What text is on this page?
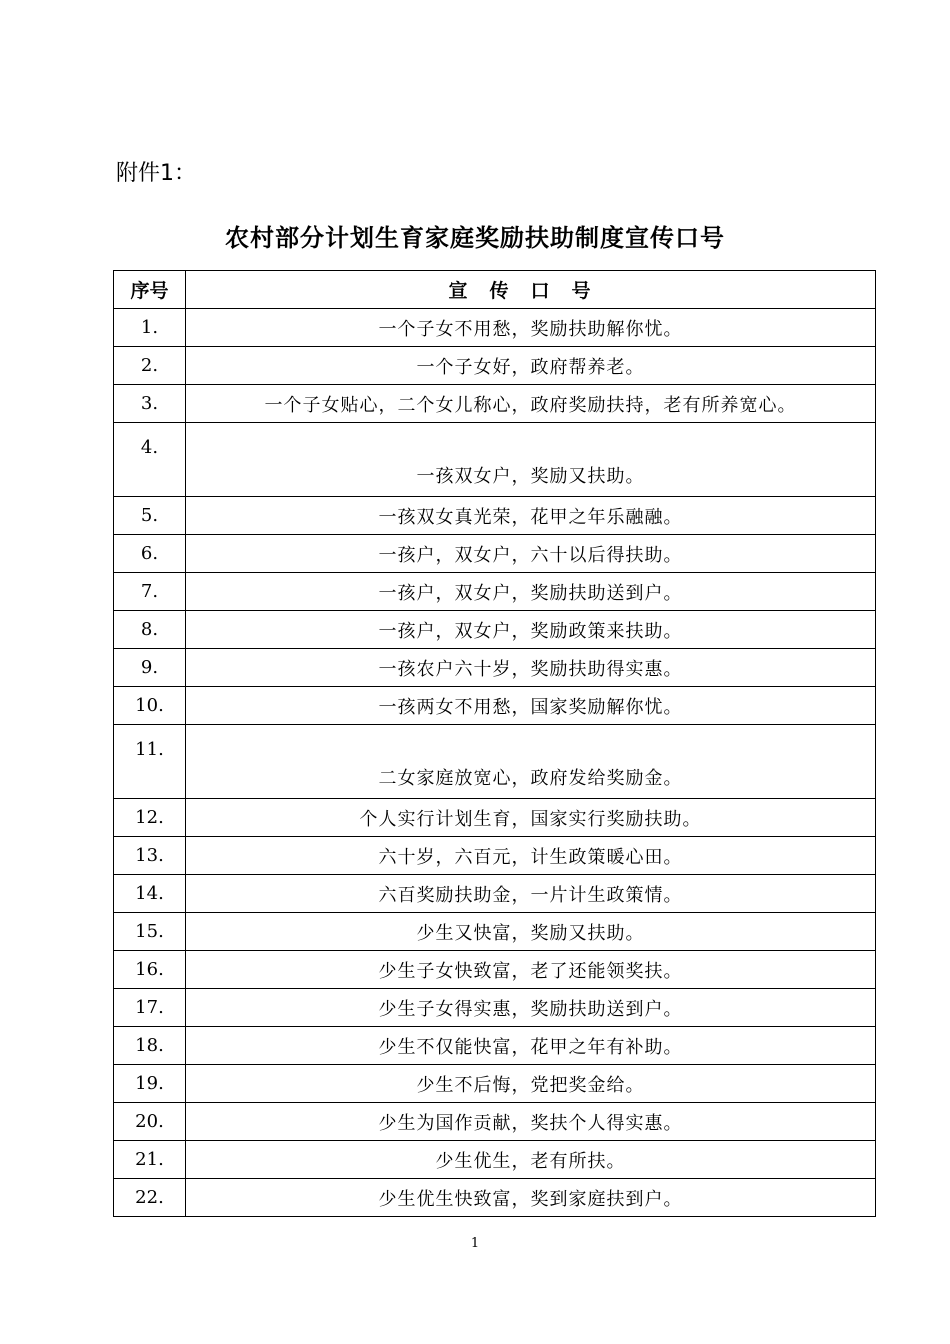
附件1：
农村部分计划生育家庭奖励扶助制度宣传口号
序号	宣传口号
1.	一个子女不用愁，奖励扶助解你忧。
2.	一个子女好，政府帮养老。
3.	一个子女贴心，二个女儿称心，政府奖励扶持，老有所养宽心。
4.	一孩双女户，奖励又扶助。
5.	一孩双女真光荣，花甲之年乐融融。
6.	一孩户，双女户，六十以后得扶助。
7.	一孩户，双女户，奖励扶助送到户。
8.	一孩户，双女户，奖励政策来扶助。
9.	一孩农户六十岁，奖励扶助得实惠。
10.	一孩两女不用愁，国家奖励解你忧。
11.	二女家庭放宽心，政府发给奖励金。
12.	个人实行计划生育，国家实行奖励扶助。
13.	六十岁，六百元，计生政策暖心田。
14.	六百奖励扶助金，一片计生政策情。
15.	少生又快富，奖励又扶助。
16.	少生子女快致富，老了还能领奖扶。
17.	少生子女得实惠，奖励扶助送到户。
18.	少生不仅能快富，花甲之年有补助。
19.	少生不后悔，党把奖金给。
20.	少生为国作贡献，奖扶个人得实惠。
21.	少生优生，老有所扶。
22.	少生优生快致富，奖到家庭扶到户。
1
